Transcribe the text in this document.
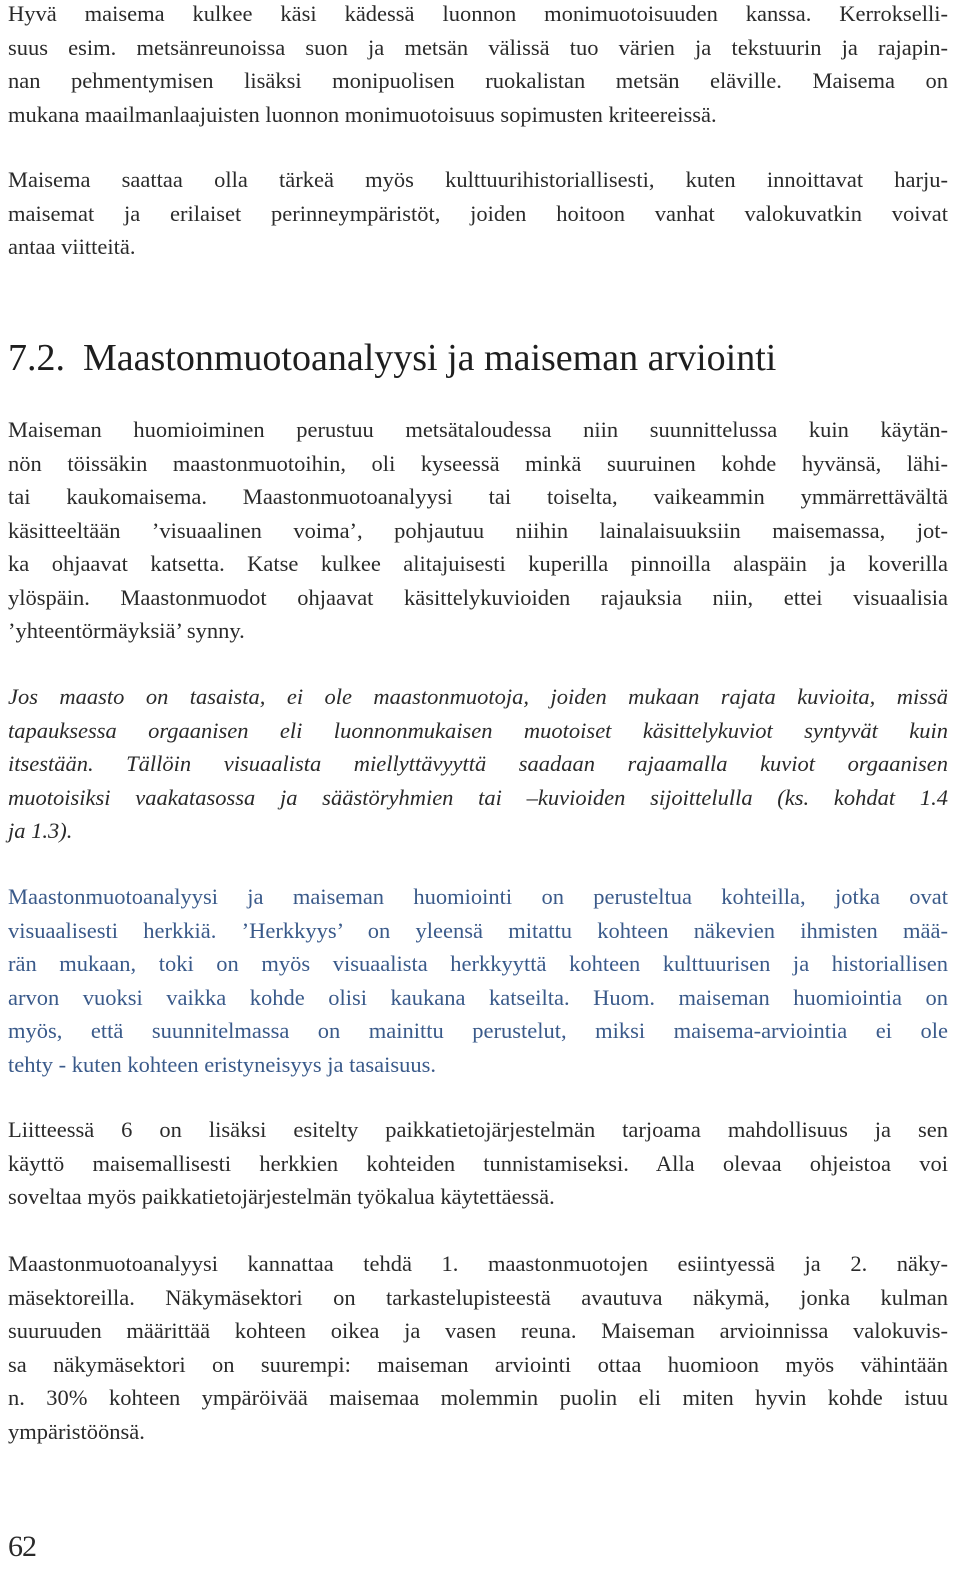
Hyvä maisema kulkee käsi kädessä luonnon monimuotoisuuden kanssa. Kerrokselli-
suus esim. metsänreunoissa suon ja metsän välissä tuo värien ja tekstuurin ja rajapin-
nan pehmentymisen lisäksi monipuolisen ruokalistan metsän eläville. Maisema on
mukana maailmanlaajuisten luonnon monimuotoisuus sopimusten kriteereissä.

Maisema saattaa olla tärkeä myös kulttuurihistoriallisesti, kuten innoittavat harju-
maisemat ja erilaiset perinneympäristöt, joiden hoitoon vanhat valokuvatkin voivat
antaa viitteitä.

7.2. Maastonmuotoanalyysi ja maiseman arviointi

Maiseman huomioiminen perustuu metsätaloudessa niin suunnittelussa kuin käytän-
nön töissäkin maastonmuotoihin, oli kyseessä minkä suuruinen kohde hyvänsä, lähi-
tai kaukomaisema. Maastonmuotoanalyysi tai toiselta, vaikeammin ymmärrettävältä
käsitteeltään ’visuaalinen voima’, pohjautuu niihin lainalaisuuksiin maisemassa, jot-
ka ohjaavat katsetta. Katse kulkee alitajuisesti kuperilla pinnoilla alaspäin ja koverilla
ylöspäin. Maastonmuodot ohjaavat käsittelykuvioiden rajauksia niin, ettei visuaalisia
’yhteentörmäyksiä’ synny.

Jos maasto on tasaista, ei ole maastonmuotoja, joiden mukaan rajata kuvioita, missä
tapauksessa orgaanisen eli luonnonmukaisen muotoiset käsittelykuviot syntyvät kuin
itsestään. Tällöin visuaalista miellyttävyyttä saadaan rajaamalla kuviot orgaanisen
muotoisiksi vaakatasossa ja säästöryhmien tai –kuvioiden sijoittelulla (ks. kohdat 1.4
ja 1.3).

Maastonmuotoanalyysi ja maiseman huomiointi on perusteltua kohteilla, jotka ovat
visuaalisesti herkkiä. ’Herkkyys’ on yleensä mitattu kohteen näkevien ihmisten mää-
rän mukaan, toki on myös visuaalista herkkyyttä kohteen kulttuurisen ja historiallisen
arvon vuoksi vaikka kohde olisi kaukana katseilta. Huom. maiseman huomiointia on
myös, että suunnitelmassa on mainittu perustelut, miksi maisema-arviointia ei ole
tehty - kuten kohteen eristyneisyys ja tasaisuus.

Liitteessä 6 on lisäksi esitelty paikkatietojärjestelmän tarjoama mahdollisuus ja sen
käyttö maisemallisesti herkkien kohteiden tunnistamiseksi. Alla olevaa ohjeistoa voi
soveltaa myös paikkatietojärjestelmän työkalua käytettäessä.

Maastonmuotoanalyysi kannattaa tehdä 1. maastonmuotojen esiintyessä ja 2. näky-
mäsektoreilla. Näkymäsektori on tarkastelupisteestä avautuva näkymä, jonka kulman
suuruuden määrittää kohteen oikea ja vasen reuna. Maiseman arvioinnissa valokuvis-
sa näkymäsektori on suurempi: maiseman arviointi ottaa huomioon myös vähintään
n. 30% kohteen ympäröivää maisemaa molemmin puolin eli miten hyvin kohde istuu
ympäristöönsä.

62
